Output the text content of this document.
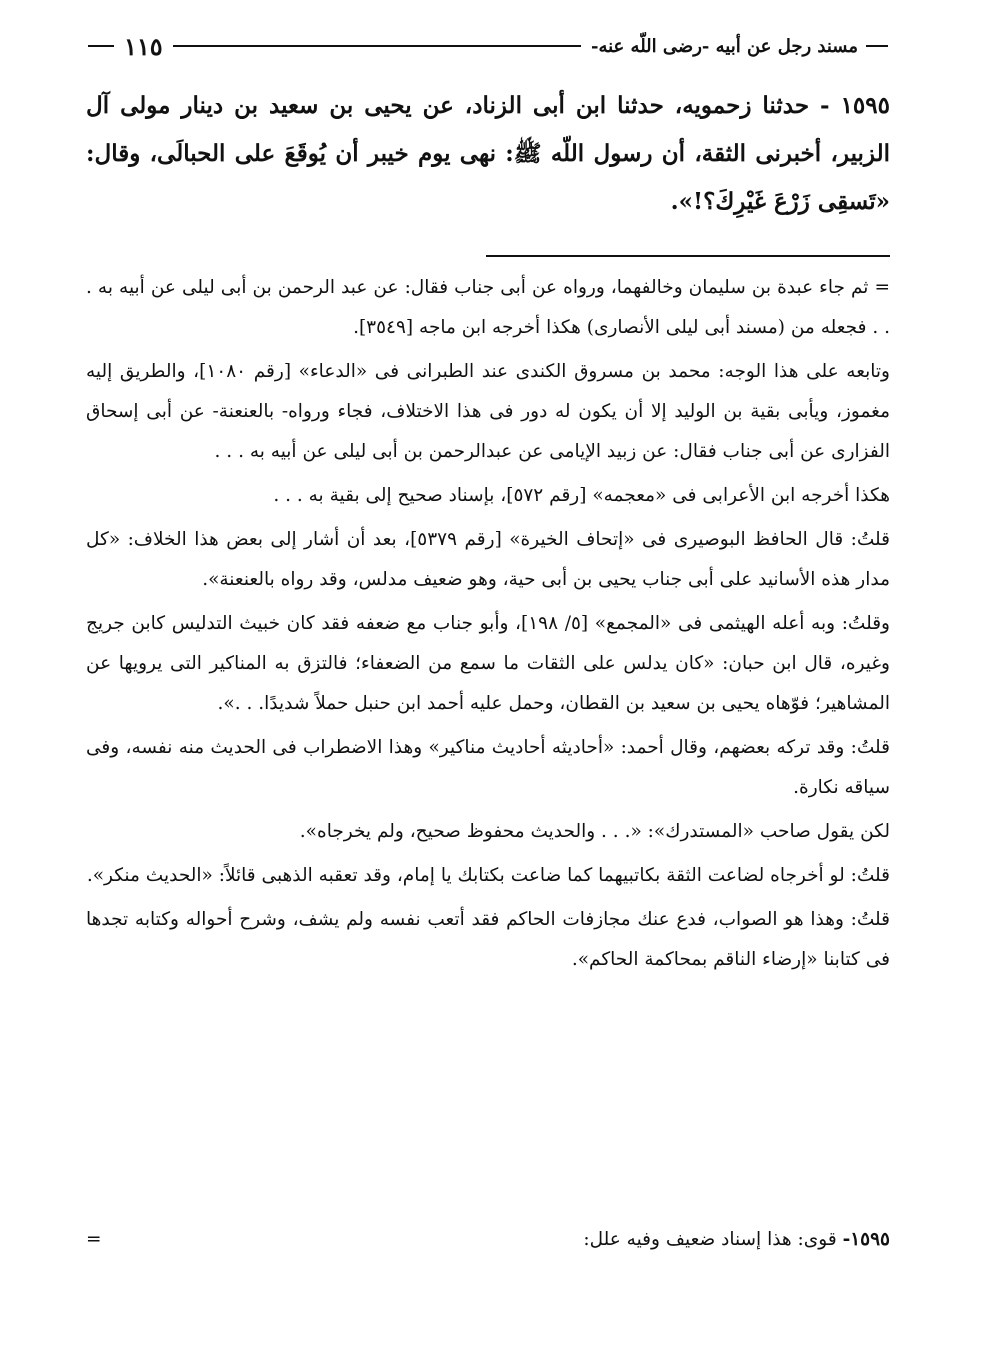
مسند رجل عن أبيه -رضى اللّه عنه-
١١٥
١٥٩٥ - حدثنا زحمويه، حدثنا ابن أبى الزناد، عن يحيى بن سعيد بن دينار مولى آل الزبير، أخبرنى الثقة، أن رسول اللّه ﷺ: نهى يوم خيبر أن يُوقَعَ على الحبالَى، وقال: «تَسقِى زَرْعَ غَيْرِكَ؟!».

= ثم جاء عبدة بن سليمان وخالفهما، ورواه عن أبى جناب فقال: عن عبد الرحمن بن أبى ليلى عن أبيه به . . . فجعله من (مسند أبى ليلى الأنصارى) هكذا أخرجه ابن ماجه [٣٥٤٩].

وتابعه على هذا الوجه: محمد بن مسروق الكندى عند الطبرانى فى «الدعاء» [رقم ١٠٨٠]، والطريق إليه مغموز، ويأبى بقية بن الوليد إلا أن يكون له دور فى هذا الاختلاف، فجاء ورواه- بالعنعنة- عن أبى إسحاق الفزارى عن أبى جناب فقال: عن زبيد الإيامى عن عبدالرحمن بن أبى ليلى عن أبيه به . . .

هكذا أخرجه ابن الأعرابى فى «معجمه» [رقم ٥٧٢]، بإسناد صحيح إلى بقية به . . .

قلتُ: قال الحافظ البوصيرى فى «إتحاف الخيرة» [رقم ٥٣٧٩]، بعد أن أشار إلى بعض هذا الخلاف: «كل مدار هذه الأسانيد على أبى جناب يحيى بن أبى حية، وهو ضعيف مدلس، وقد رواه بالعنعنة».

وقلتُ: وبه أعله الهيثمى فى «المجمع» [٥/ ١٩٨]، وأبو جناب مع ضعفه فقد كان خبيث التدليس كابن جريج وغيره، قال ابن حبان: «كان يدلس على الثقات ما سمع من الضعفاء؛ فالتزق به المناكير التى يرويها عن المشاهير؛ فوّهاه يحيى بن سعيد بن القطان، وحمل عليه أحمد ابن حنبل حملاً شديدًا. . .».

قلتُ: وقد تركه بعضهم، وقال أحمد: «أحاديثه أحاديث مناكير» وهذا الاضطراب فى الحديث منه نفسه، وفى سياقه نكارة.

لكن يقول صاحب «المستدرك»: «. . . والحديث محفوظ صحيح، ولم يخرجاه».

قلتُ: لو أخرجاه لضاعت الثقة بكاتبيهما كما ضاعت بكتابك يا إمام، وقد تعقبه الذهبى قائلاً: «الحديث منكر».

قلتُ: وهذا هو الصواب، فدع عنك مجازفات الحاكم فقد أتعب نفسه ولم يشف، وشرح أحواله وكتابه تجدها فى كتابنا «إرضاء الناقم بمحاكمة الحاكم».

١٥٩٥- قوى: هذا إسناد ضعيف وفيه علل:
=
